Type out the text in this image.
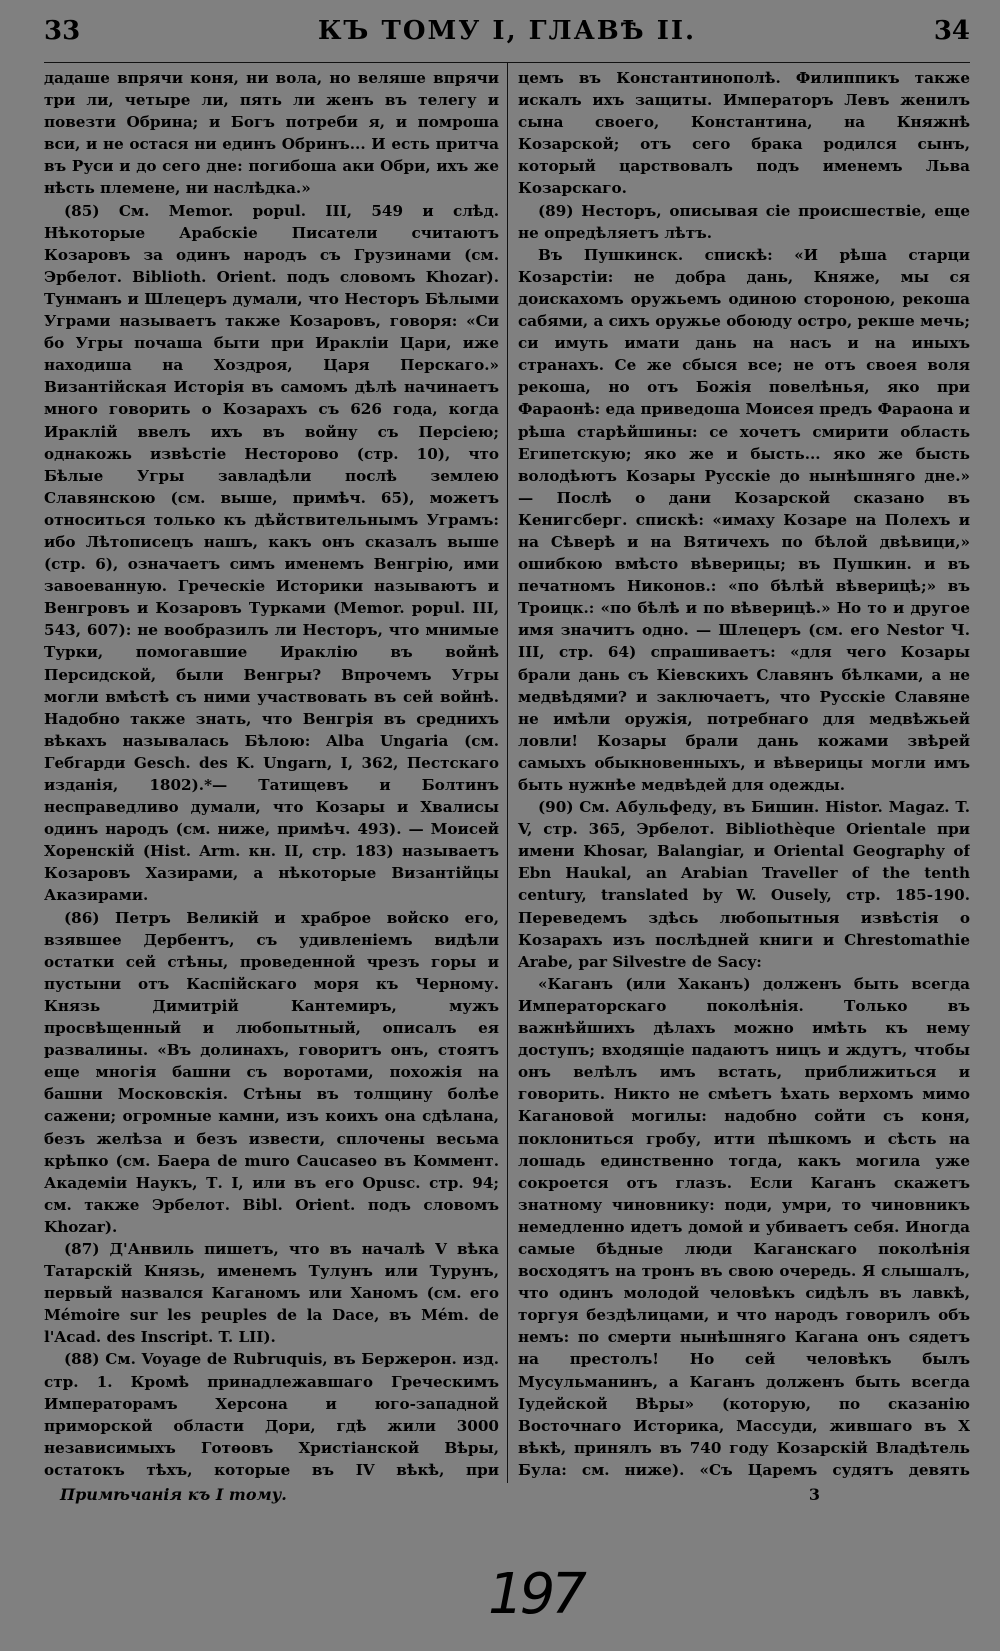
33	КЪ ТОМУ I, ГЛАВѢ II.	34

дадаше впрячи коня, ни вола, но веляше впрячи три ли, четыре ли, пять ли женъ въ телегу и повезти Обрина; и Богъ потреби я, и помроша вси, и не остася ни единъ Обринъ... И есть притча въ Руси и до сего дне: погибоша аки Обри, ихъ же нѣсть племене, ни наслѣдка.»

(85) См. Memor. popul. III, 549 и слѣд. Нѣкоторые Арабскіе Писатели считаютъ Козаровъ за одинъ народъ съ Грузинами (см. Эрбелот. Biblioth. Orient. подъ словомъ Khozar). Тунманъ и Шлецеръ думали, что Несторъ Бѣлыми Уграми называетъ также Козаровъ, говоря: «Си бо Угры почаша быти при Ираклiи Цари, иже находиша на Хоздроя, Царя Перскаго.» Византiйская Исторiя въ самомъ дѣлѣ начинаетъ много говорить о Козарахъ съ 626 года, когда Ираклій ввелъ ихъ въ войну съ Персiею; однакожь извѣстiе Несторово (стр. 10), что Бѣлые Угры завладѣли послѣ землею Славянскою (см. выше, примѣч. 65), можетъ относиться только къ дѣйствительнымъ Уграмъ: ибо Лѣтописецъ нашъ, какъ онъ сказалъ выше (стр. 6), означаетъ симъ именемъ Венгрiю, ими завоеванную. Греческiе Историки называютъ и Венгровъ и Козаровъ Турками (Memor. popul. III, 543, 607): не вообразилъ ли Несторъ, что мнимые Турки, помогавшие Ираклiю въ войнѣ Персидской, были Венгры? Впрочемъ Угры могли вмѣстѣ съ ними участвовать въ сей войнѣ. Надобно также знать, что Венгрiя въ среднихъ вѣкахъ называлась Бѣлою: Alba Ungaria (см. Гебгарди Gesch. des K. Ungarn, I, 362, Пестскаго изданiя, 1802).*— Татищевъ и Болтинъ несправедливо думали, что Козары и Хвалисы одинъ народъ (см. ниже, примѣч. 493). — Моисей Хоренскій (Hist. Arm. кн. II, стр. 183) называетъ Козаровъ Хазирами, а нѣкоторые Византiйцы Аказирами.

(86) Петръ Великій и храброе войско его, взявшее Дербентъ, съ удивленiемъ видѣли остатки сей стѣны, проведенной чрезъ горы и пустыни отъ Каспiйскаго моря къ Черному. Князь Димитрiй Кантемиръ, мужъ просвѣщенный и любопытный, описалъ ея развалины. «Въ долинахъ, говоритъ онъ, стоятъ еще многiя башни съ воротами, похожiя на башни Московскiя. Стѣны въ толщину болѣе сажени; огромные камни, изъ коихъ она сдѣлана, безъ желѣза и безъ извести, сплочены весьма крѣпко (см. Баера de muro Caucaseo въ Коммент. Академiи Наукъ, Т. I, или въ его Opusc. стр. 94; см. также Эрбелот. Bibl. Orient. подъ словомъ Khozar).

(87) Д'Анвиль пишетъ, что въ началѣ V вѣка Татарскiй Князь, именемъ Тулунъ или Турунъ, первый назвался Каганомъ или Ханомъ (см. его Mémoire sur les peuples de la Dace, въ Mém. de l'Acad. des Inscript. T. LII).

(88) См. Voyage de Rubruquis, въ Бержерон. изд. стр. 1. Кромѣ принадлежавшаго Греческимъ Императорамъ Херсона и юго-западной приморской области Дори, гдѣ жили 3000 независимыхъ Готѳовъ Христiанской Вѣры, остатокъ тѣхъ, которые въ IV вѣкѣ, при

цемъ въ Константинополѣ. Филиппикъ также искалъ ихъ защиты. Императоръ Левъ женилъ сына своего, Константина, на Княжнѣ Козарской; отъ сего брака родился сынъ, который царствовалъ подъ именемъ Льва Козарскаго.

(89) Несторъ, описывая сiе происшествiе, еще не опредѣляетъ лѣтъ.

Въ Пушкинск. спискѣ: «И рѣша старци Козарстiи: не добра дань, Княже, мы ся доискахомъ оружьемъ одиною стороною, рекоша сабями, а сихъ оружье обоюду остро, рекше мечь; си имуть имати дань на насъ и на иныхъ странахъ. Се же сбыся все; не отъ своея воля рекоша, но отъ Божiя повелѣнья, яко при Фараонѣ: еда приведоша Моисея предъ Фараона и рѣша старѣйшины: се хочетъ смирити область Египетскую; яко же и бысть... яко же бысть володѣютъ Козары Русскiе до нынѣшняго дне.» — Послѣ о дани Козарской сказано въ Кенигсберг. спискѣ: «имаху Козаре на Полехъ и на Сѣверѣ и на Вятичехъ по бѣлой двѣвици,» ошибкою вмѣсто вѣверицы; въ Пушкин. и въ печатномъ Никонов.: «по бѣлѣй вѣверицѣ;» въ Троицк.: «по бѣлѣ и по вѣверицѣ.» Но то и другое имя значитъ одно. — Шлецеръ (см. его Nestor Ч. III, стр. 64) спрашиваетъ: «для чего Козары брали дань съ Кiевскихъ Славянъ бѣлками, а не медвѣдями? и заключаетъ, что Русскiе Славяне не имѣли оружiя, потребнаго для медвѣжьей ловли! Козары брали дань кожами звѣрей самыхъ обыкновенныхъ, и вѣверицы могли имъ быть нужнѣе медвѣдей для одежды.

(90) См. Абульфеду, въ Бишин. Histor. Magaz. T. V, стр. 365, Эрбелот. Bibliothèque Orientale при имени Khosar, Balangiar, и Oriental Geography of Ebn Haukal, an Arabian Traveller of the tenth century, translated by W. Ousely, стр. 185-190. Переведемъ здѣсь любопытныя извѣстiя о Козарахъ изъ послѣдней книги и Chrestomathie Arabe, par Silvestre de Sacy:

«Каганъ (или Хаканъ) долженъ быть всегда Императорскаго поколѣнiя. Только въ важнѣйшихъ дѣлахъ можно имѣть къ нему доступъ; входящiе падаютъ ницъ и ждутъ, чтобы онъ велѣлъ имъ встать, приближиться и говорить. Никто не смѣетъ ѣхать верхомъ мимо Кагановой могилы: надобно сойти съ коня, поклониться гробу, итти пѣшкомъ и сѣсть на лошадь единственно тогда, какъ могила уже сокроется отъ глазъ. Если Каганъ скажетъ знатному чиновнику: поди, умри, то чиновникъ немедленно идетъ домой и убиваетъ себя. Иногда самые бѣдные люди Каганскаго поколѣнiя восходятъ на тронъ въ свою очередь. Я слышалъ, что одинъ молодой человѣкъ сидѣлъ въ лавкѣ, торгуя бездѣлицами, и что народъ говорилъ объ немъ: по смерти нынѣшняго Кагана онъ сядетъ на престолъ! Но сей человѣкъ былъ Мусульманинъ, а Каганъ долженъ быть всегда Iудейской Вѣры» (которую, по сказанiю Восточнаго Историка, Массуди, жившаго въ X вѣкѣ, принялъ въ 740 году Козарскiй Владѣтель Була: см. ниже). «Съ Царемъ судятъ девять

Примѣчанiя къ I тому.	3
197
